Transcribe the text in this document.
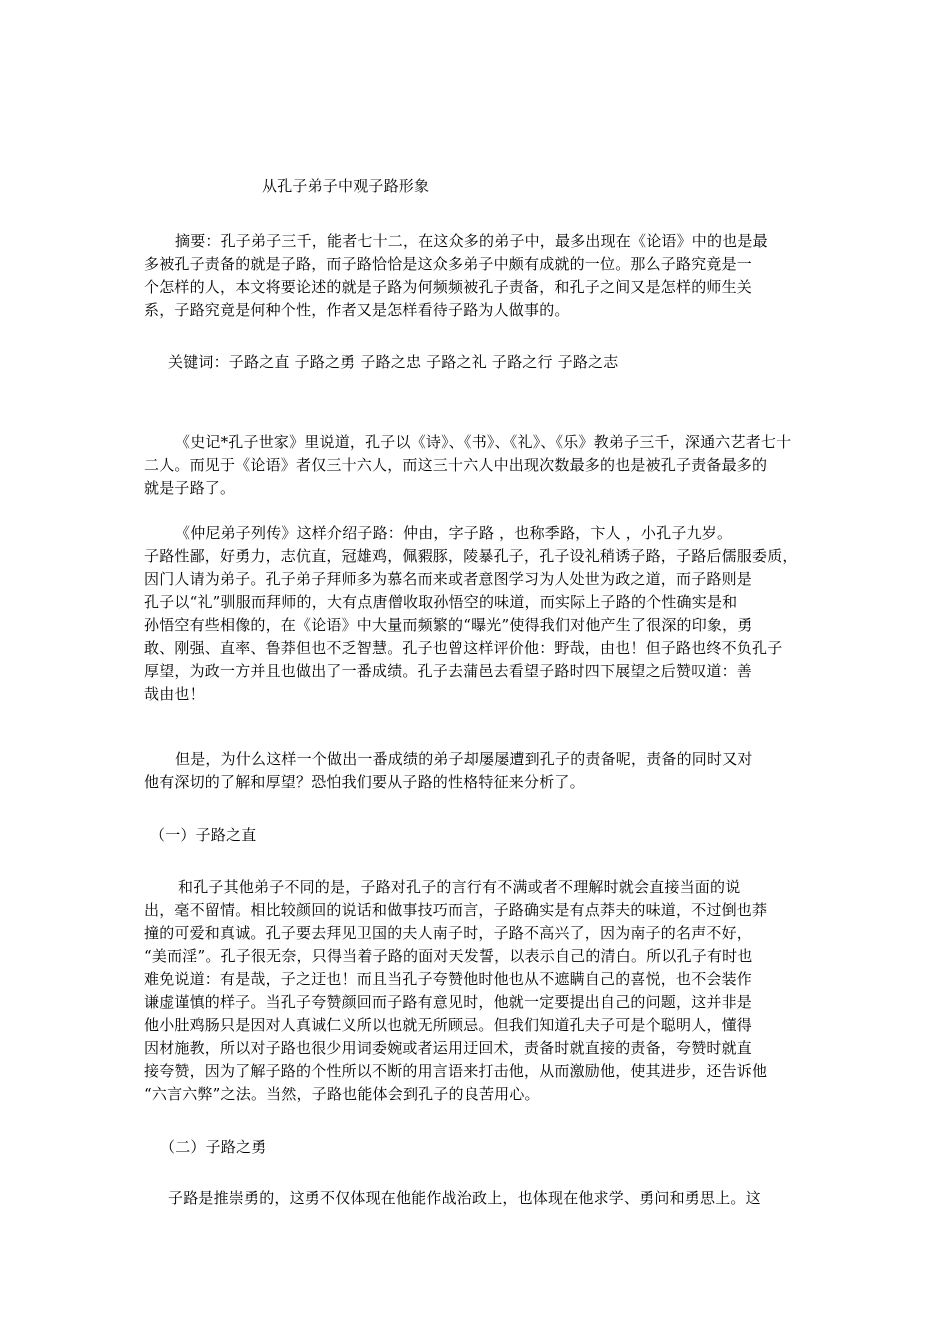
从孔子弟子中观子路形象
摘要：孔子弟子三千，能者七十二，在这众多的弟子中，最多出现在《论语》中的也是最
多被孔子责备的就是子路，而子路恰恰是这众多弟子中颇有成就的一位。那么子路究竟是一
个怎样的人，本文将要论述的就是子路为何频频被孔子责备，和孔子之间又是怎样的师生关
系，子路究竟是何种个性，作者又是怎样看待子路为人做事的。
关键词：子路之直 子路之勇 子路之忠 子路之礼 子路之行 子路之志
《史记*孔子世家》里说道，孔子以《诗》、《书》、《礼》、《乐》教弟子三千，深通六艺者七十
二人。而见于《论语》者仅三十六人，而这三十六人中出现次数最多的也是被孔子责备最多的
就是子路了。
《仲尼弟子列传》这样介绍子路：仲由，字子路 ，也称季路，卞人 ，小孔子九岁。
子路性鄙，好勇力，志伉直，冠雄鸡，佩豭豚，陵暴孔子，孔子设礼稍诱子路，子路后儒服委质，
因门人请为弟子。孔子弟子拜师多为慕名而来或者意图学习为人处世为政之道，而子路则是
孔子以“礼”驯服而拜师的，大有点唐僧收取孙悟空的味道，而实际上子路的个性确实是和
孙悟空有些相像的，在《论语》中大量而频繁的“曝光”使得我们对他产生了很深的印象，勇
敢、刚强、直率、鲁莽但也不乏智慧。孔子也曾这样评价他：野哉，由也！但子路也终不负孔子
厚望，为政一方并且也做出了一番成绩。孔子去蒲邑去看望子路时四下展望之后赞叹道：善
哉由也！
但是，为什么这样一个做出一番成绩的弟子却屡屡遭到孔子的责备呢，责备的同时又对
他有深切的了解和厚望？恐怕我们要从子路的性格特征来分析了。
（一）子路之直
和孔子其他弟子不同的是，子路对孔子的言行有不满或者不理解时就会直接当面的说
出，毫不留情。相比较颜回的说话和做事技巧而言，子路确实是有点莽夫的味道，不过倒也莽
撞的可爱和真诚。孔子要去拜见卫国的夫人南子时，子路不高兴了，因为南子的名声不好，
“美而淫”。孔子很无奈，只得当着子路的面对天发誓，以表示自己的清白。所以孔子有时也
难免说道：有是哉，子之迂也！而且当孔子夸赞他时他也从不遮瞒自己的喜悦，也不会装作
谦虚谨慎的样子。当孔子夸赞颜回而子路有意见时，他就一定要提出自己的问题，这并非是
他小肚鸡肠只是因对人真诚仁义所以也就无所顾忌。但我们知道孔夫子可是个聪明人，懂得
因材施教，所以对子路也很少用词委婉或者运用迂回术，责备时就直接的责备，夸赞时就直
接夸赞，因为了解子路的个性所以不断的用言语来打击他，从而激励他，使其进步，还告诉他
“六言六弊”之法。当然，子路也能体会到孔子的良苦用心。
（二）子路之勇
子路是推崇勇的，这勇不仅体现在他能作战治政上，也体现在他求学、勇问和勇思上。这
